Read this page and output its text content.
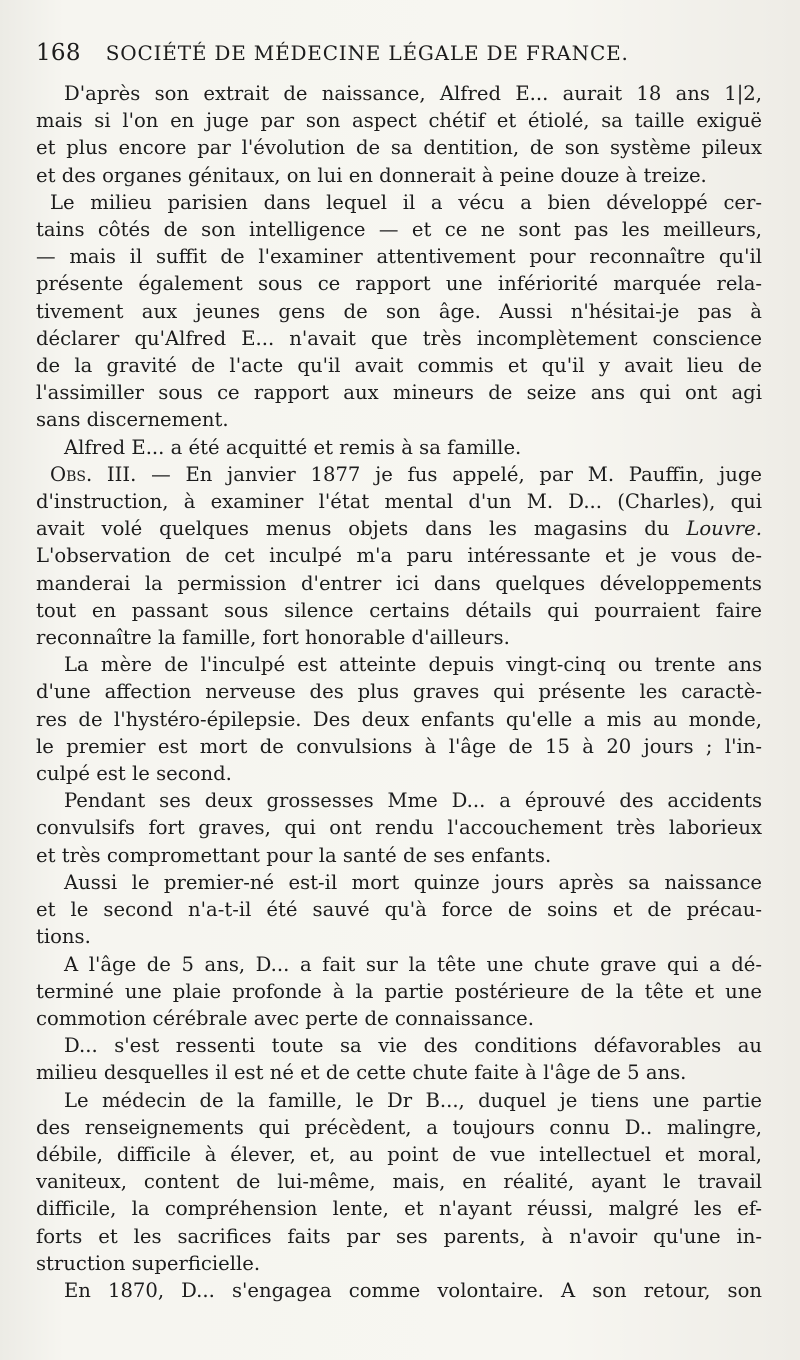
168 SOCIÉTÉ DE MÉDECINE LÉGALE DE FRANCE.
D'après son extrait de naissance, Alfred E... aurait 18 ans 1|2,
mais si l'on en juge par son aspect chétif et étiolé, sa taille exiguë
et plus encore par l'évolution de sa dentition, de son système pileux
et des organes génitaux, on lui en donnerait à peine douze à treize.
Le milieu parisien dans lequel il a vécu a bien développé cer-
tains côtés de son intelligence — et ce ne sont pas les meilleurs,
— mais il suffit de l'examiner attentivement pour reconnaître qu'il
présente également sous ce rapport une infériorité marquée rela-
tivement aux jeunes gens de son âge. Aussi n'hésitai-je pas à
déclarer qu'Alfred E... n'avait que très incomplètement conscience
de la gravité de l'acte qu'il avait commis et qu'il y avait lieu de
l'assimiller sous ce rapport aux mineurs de seize ans qui ont agi
sans discernement.
Alfred E... a été acquitté et remis à sa famille.
Obs. III. — En janvier 1877 je fus appelé, par M. Pauffin, juge
d'instruction, à examiner l'état mental d'un M. D... (Charles), qui
avait volé quelques menus objets dans les magasins du Louvre.
L'observation de cet inculpé m'a paru intéressante et je vous de-
manderai la permission d'entrer ici dans quelques développements
tout en passant sous silence certains détails qui pourraient faire
reconnaître la famille, fort honorable d'ailleurs.
La mère de l'inculpé est atteinte depuis vingt-cinq ou trente ans
d'une affection nerveuse des plus graves qui présente les caractè-
res de l'hystéro-épilepsie. Des deux enfants qu'elle a mis au monde,
le premier est mort de convulsions à l'âge de 15 à 20 jours ; l'in-
culpé est le second.
Pendant ses deux grossesses Mme D... a éprouvé des accidents
convulsifs fort graves, qui ont rendu l'accouchement très laborieux
et très compromettant pour la santé de ses enfants.
Aussi le premier-né est-il mort quinze jours après sa naissance
et le second n'a-t-il été sauvé qu'à force de soins et de précau-
tions.
A l'âge de 5 ans, D... a fait sur la tête une chute grave qui a dé-
terminé une plaie profonde à la partie postérieure de la tête et une
commotion cérébrale avec perte de connaissance.
D... s'est ressenti toute sa vie des conditions défavorables au
milieu desquelles il est né et de cette chute faite à l'âge de 5 ans.
Le médecin de la famille, le Dr B..., duquel je tiens une partie
des renseignements qui précèdent, a toujours connu D.. malingre,
débile, difficile à élever, et, au point de vue intellectuel et moral,
vaniteux, content de lui-même, mais, en réalité, ayant le travail
difficile, la compréhension lente, et n'ayant réussi, malgré les ef-
forts et les sacrifices faits par ses parents, à n'avoir qu'une in-
struction superficielle.
En 1870, D... s'engagea comme volontaire. A son retour, son
